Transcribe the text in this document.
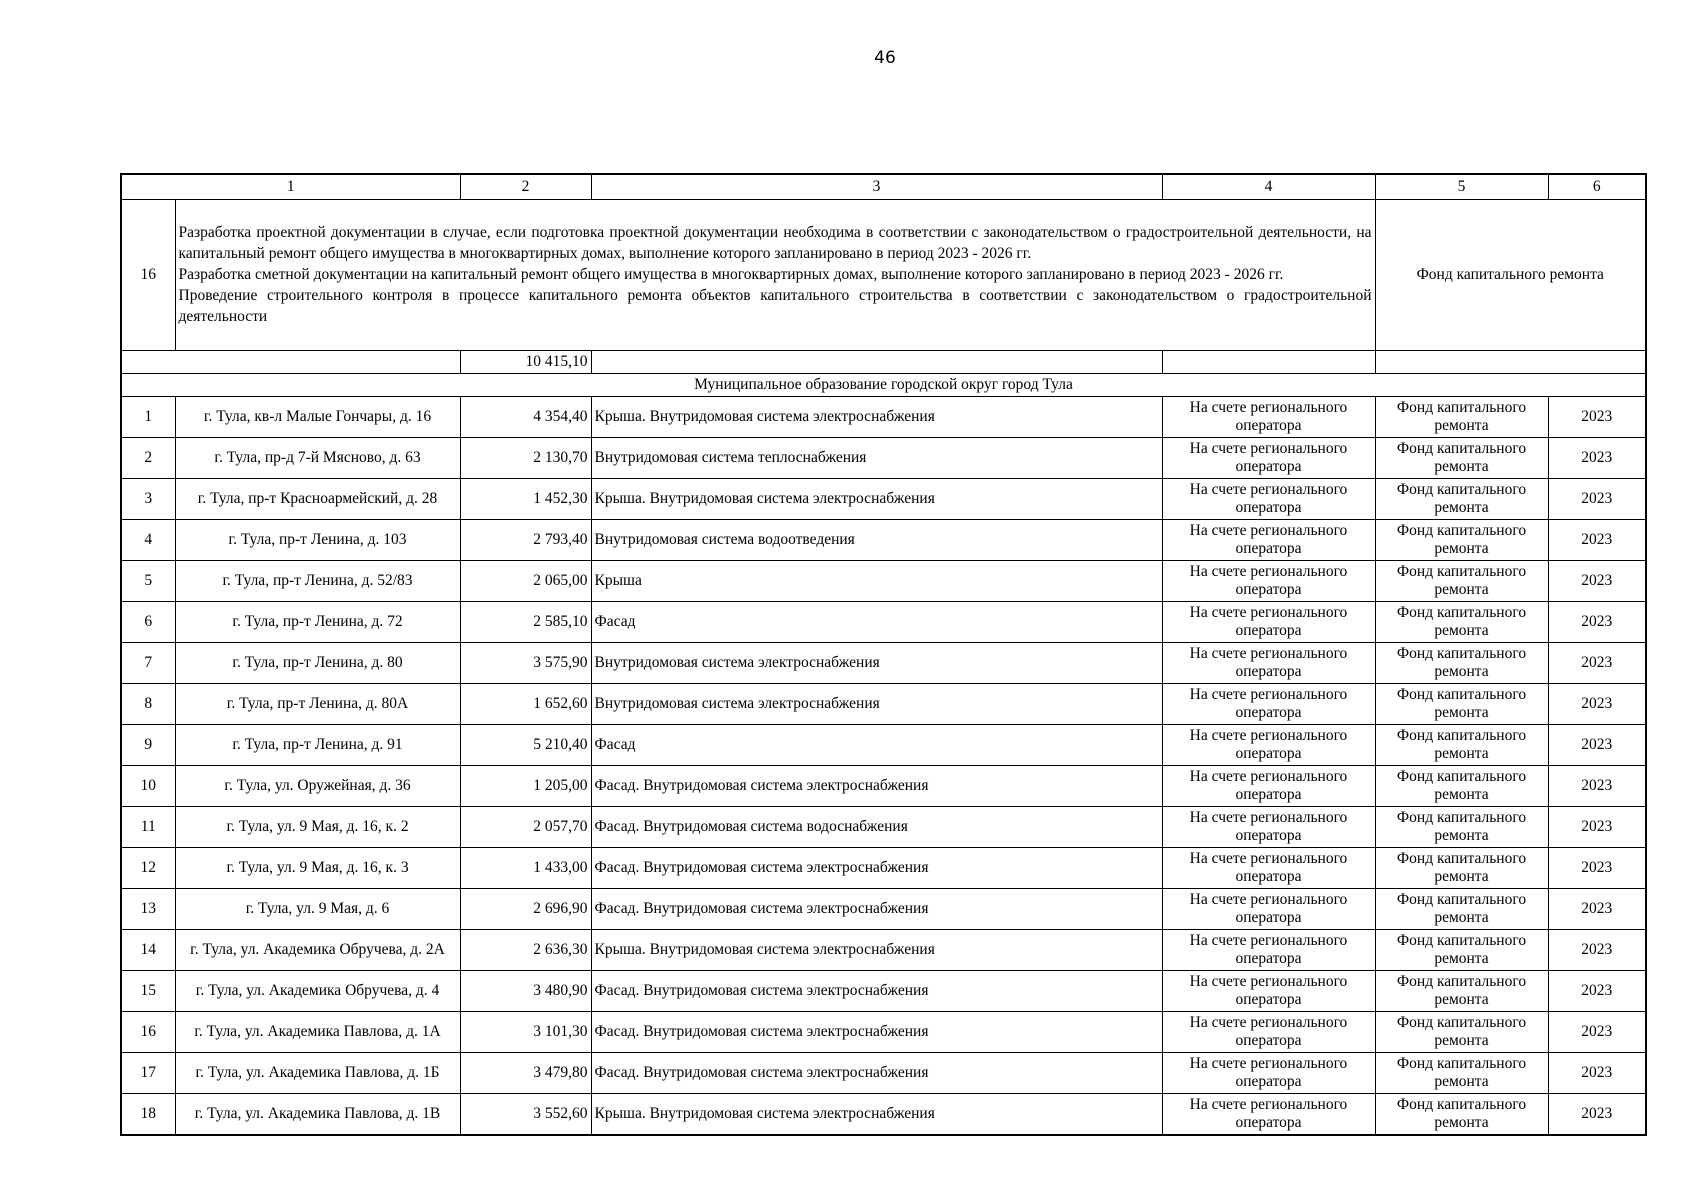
46
1		2	3	4	5	6
16	Разработка проектной документации в случае, если подготовка проектной документации необходима в соответствии с законодательством о градостроительной деятельности, на капитальный ремонт общего имущества в многоквартирных домах, выполнение которого запланировано в период 2023 - 2026 гг.
Разработка сметной документации на капитальный ремонт общего имущества в многоквартирных домах, выполнение которого запланировано в период 2023 - 2026 гг.
Проведение строительного контроля в процессе капитального ремонта объектов капитального строительства в соответствии с законодательством о градостроительной деятельности				Фонд капитального ремонта	
		10 415,10				
Муниципальное образование городской округ город Тула						
1	г. Тула, кв-л Малые Гончары, д. 16	4 354,40	Крыша. Внутридомовая система электроснабжения	На счете регионального оператора	Фонд капитального ремонта	2023
2	г. Тула, пр-д 7-й Мясново, д. 63	2 130,70	Внутридомовая система теплоснабжения	На счете регионального оператора	Фонд капитального ремонта	2023
3	г. Тула, пр-т Красноармейский, д. 28	1 452,30	Крыша. Внутридомовая система электроснабжения	На счете регионального оператора	Фонд капитального ремонта	2023
4	г. Тула, пр-т Ленина, д. 103	2 793,40	Внутридомовая система водоотведения	На счете регионального оператора	Фонд капитального ремонта	2023
5	г. Тула, пр-т Ленина, д. 52/83	2 065,00	Крыша	На счете регионального оператора	Фонд капитального ремонта	2023
6	г. Тула, пр-т Ленина, д. 72	2 585,10	Фасад	На счете регионального оператора	Фонд капитального ремонта	2023
7	г. Тула, пр-т Ленина, д. 80	3 575,90	Внутридомовая система электроснабжения	На счете регионального оператора	Фонд капитального ремонта	2023
8	г. Тула, пр-т Ленина, д. 80А	1 652,60	Внутридомовая система электроснабжения	На счете регионального оператора	Фонд капитального ремонта	2023
9	г. Тула, пр-т Ленина, д. 91	5 210,40	Фасад	На счете регионального оператора	Фонд капитального ремонта	2023
10	г. Тула, ул. Оружейная, д. 36	1 205,00	Фасад. Внутридомовая система электроснабжения	На счете регионального оператора	Фонд капитального ремонта	2023
11	г. Тула, ул. 9 Мая, д. 16, к. 2	2 057,70	Фасад. Внутридомовая система водоснабжения	На счете регионального оператора	Фонд капитального ремонта	2023
12	г. Тула, ул. 9 Мая, д. 16, к. 3	1 433,00	Фасад. Внутридомовая система электроснабжения	На счете регионального оператора	Фонд капитального ремонта	2023
13	г. Тула, ул. 9 Мая, д. 6	2 696,90	Фасад. Внутридомовая система электроснабжения	На счете регионального оператора	Фонд капитального ремонта	2023
14	г. Тула, ул. Академика Обручева, д. 2А	2 636,30	Крыша. Внутридомовая система электроснабжения	На счете регионального оператора	Фонд капитального ремонта	2023
15	г. Тула, ул. Академика Обручева, д. 4	3 480,90	Фасад. Внутридомовая система электроснабжения	На счете регионального оператора	Фонд капитального ремонта	2023
16	г. Тула, ул. Академика Павлова, д. 1А	3 101,30	Фасад. Внутридомовая система электроснабжения	На счете регионального оператора	Фонд капитального ремонта	2023
17	г. Тула, ул. Академика Павлова, д. 1Б	3 479,80	Фасад. Внутридомовая система электроснабжения	На счете регионального оператора	Фонд капитального ремонта	2023
18	г. Тула, ул. Академика Павлова, д. 1В	3 552,60	Крыша. Внутридомовая система электроснабжения	На счете регионального оператора	Фонд капитального ремонта	2023
